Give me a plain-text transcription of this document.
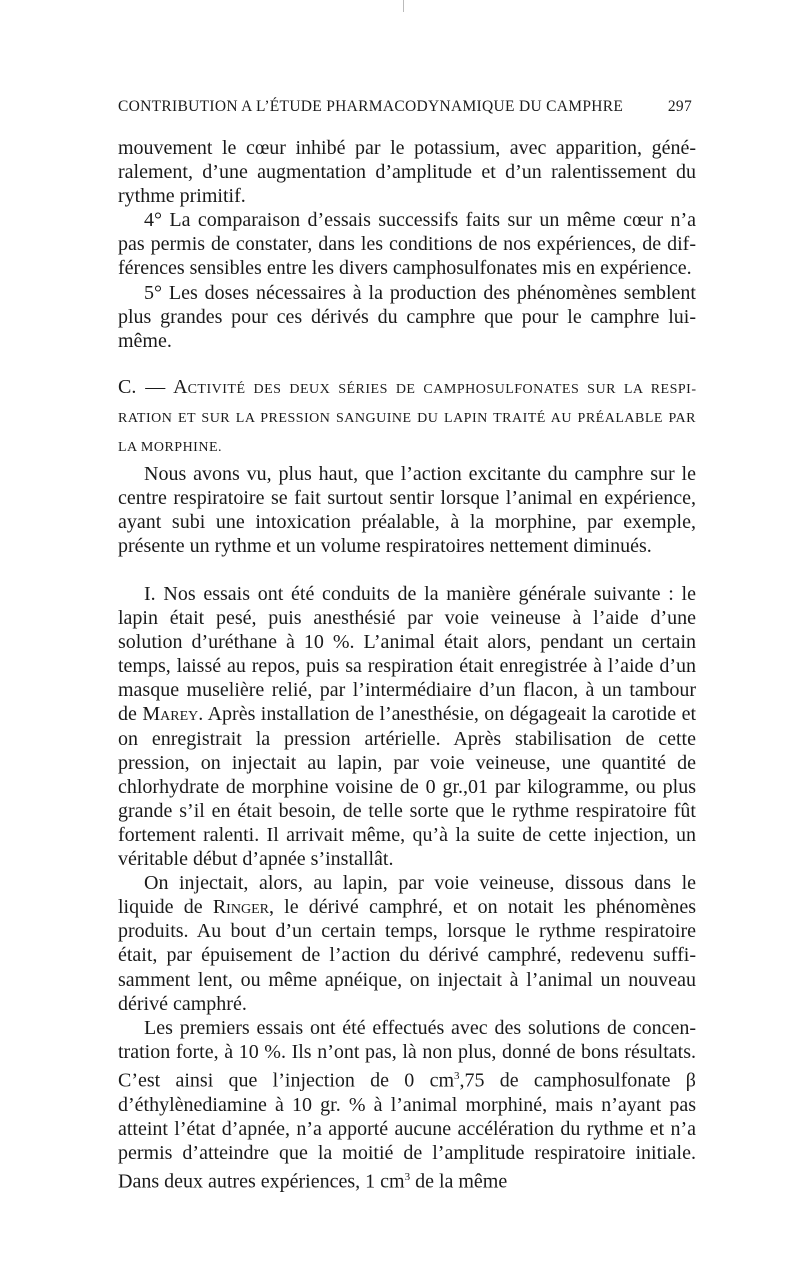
CONTRIBUTION A L’ÉTUDE PHARMACODYNAMIQUE DU CAMPHRE	297

mouvement le cœur inhibé par le potassium, avec apparition, généralement, d’une augmentation d’amplitude et d’un ralentissement du rythme primitif.

4° La comparaison d’essais successifs faits sur un même cœur n’a pas permis de constater, dans les conditions de nos expériences, de différences sensibles entre les divers camphosulfonates mis en expérience.

5° Les doses nécessaires à la production des phénomènes semblent plus grandes pour ces dérivés du camphre que pour le camphre lui-même.

C. — ACTIVITÉ DES DEUX SÉRIES DE CAMPHOSULFONATES SUR LA RESPIRATION ET SUR LA PRESSION SANGUINE DU LAPIN TRAITÉ AU PRÉALABLE PAR LA MORPHINE.

Nous avons vu, plus haut, que l’action excitante du camphre sur le centre respiratoire se fait surtout sentir lorsque l’animal en expérience, ayant subi une intoxication préalable, à la morphine, par exemple, présente un rythme et un volume respiratoires nettement diminués.

I. Nos essais ont été conduits de la manière générale suivante : le lapin était pesé, puis anesthésié par voie veineuse à l’aide d’une solution d’uréthane à 10 %. L’animal était alors, pendant un certain temps, laissé au repos, puis sa respiration était enregistrée à l’aide d’un masque muselière relié, par l’intermédiaire d’un flacon, à un tambour de Marey. Après installation de l’anesthésie, on dégageait la carotide et on enregistrait la pression artérielle. Après stabilisation de cette pression, on injectait au lapin, par voie veineuse, une quantité de chlorhydrate de morphine voisine de 0 gr.,01 par kilogramme, ou plus grande s’il en était besoin, de telle sorte que le rythme respiratoire fût fortement ralenti. Il arrivait même, qu’à la suite de cette injection, un véritable début d’apnée s’installât.

On injectait, alors, au lapin, par voie veineuse, dissous dans le liquide de Ringer, le dérivé camphré, et on notait les phénomènes produits. Au bout d’un certain temps, lorsque le rythme respiratoire était, par épuisement de l’action du dérivé camphré, redevenu suffisamment lent, ou même apnéique, on injectait à l’animal un nouveau dérivé camphré.

Les premiers essais ont été effectués avec des solutions de concentration forte, à 10 %. Ils n’ont pas, là non plus, donné de bons résultats. C’est ainsi que l’injection de 0 $cm^3,75$ de camphosulfonate β d’éthylènediamine à 10 gr. % à l’animal morphiné, mais n’ayant pas atteint l’état d’apnée, n’a apporté aucune accélération du rythme et n’a permis d’atteindre que la moitié de l’amplitude respiratoire initiale. Dans deux autres expériences, 1 $cm^3$ de la même
